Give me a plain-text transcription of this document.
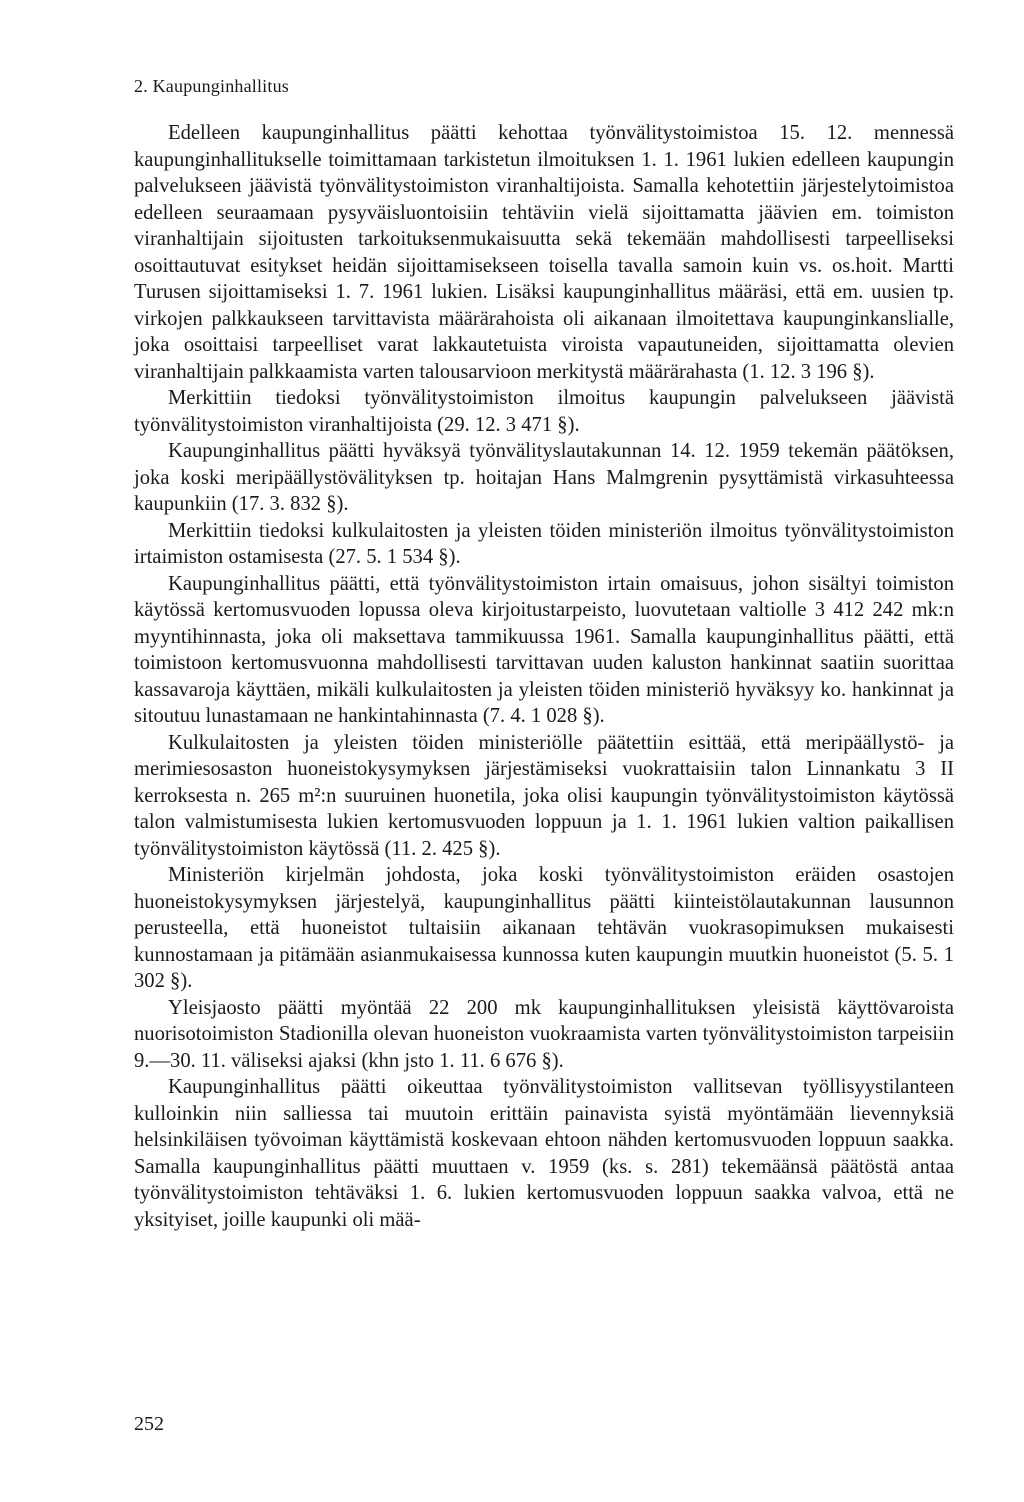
2. Kaupunginhallitus

Edelleen kaupunginhallitus päätti kehottaa työnvälitystoimistoa 15. 12. mennessä kaupunginhallitukselle toimittamaan tarkistetun ilmoituksen 1. 1. 1961 lukien edelleen kaupungin palvelukseen jäävistä työnvälitystoimiston viranhaltijoista. Samalla kehotettiin järjestelytoimistoa edelleen seuraamaan pysyväisluontoisiin tehtäviin vielä sijoittamatta jäävien em. toimiston viranhaltijain sijoitusten tarkoituksenmukaisuutta sekä tekemään mahdollisesti tarpeelliseksi osoittautuvat esitykset heidän sijoittamisekseen toisella tavalla samoin kuin vs. os.hoit. Martti Turusen sijoittamiseksi 1. 7. 1961 lukien. Lisäksi kaupunginhallitus määräsi, että em. uusien tp. virkojen palkkaukseen tarvittavista määrärahoista oli aikanaan ilmoitettava kaupunginkanslialle, joka osoittaisi tarpeelliset varat lakkautetuista viroista vapautuneiden, sijoittamatta olevien viranhaltijain palkkaamista varten talousarvioon merkitystä määrärahasta (1. 12. 3 196 §).

Merkittiin tiedoksi työnvälitystoimiston ilmoitus kaupungin palvelukseen jäävistä työnvälitystoimiston viranhaltijoista (29. 12. 3 471 §).

Kaupunginhallitus päätti hyväksyä työnvälityslautakunnan 14. 12. 1959 tekemän päätöksen, joka koski meripäällystövälityksen tp. hoitajan Hans Malmgrenin pysyttämistä virkasuhteessa kaupunkiin (17. 3. 832 §).

Merkittiin tiedoksi kulkulaitosten ja yleisten töiden ministeriön ilmoitus työnvälitystoimiston irtaimiston ostamisesta (27. 5. 1 534 §).

Kaupunginhallitus päätti, että työnvälitystoimiston irtain omaisuus, johon sisältyi toimiston käytössä kertomusvuoden lopussa oleva kirjoitustarpeisto, luovutetaan valtiolle 3 412 242 mk:n myyntihinnasta, joka oli maksettava tammikuussa 1961. Samalla kaupunginhallitus päätti, että toimistoon kertomusvuonna mahdollisesti tarvittavan uuden kaluston hankinnat saatiin suorittaa kassavaroja käyttäen, mikäli kulkulaitosten ja yleisten töiden ministeriö hyväksyy ko. hankinnat ja sitoutuu lunastamaan ne hankintahinnasta (7. 4. 1 028 §).

Kulkulaitosten ja yleisten töiden ministeriölle päätettiin esittää, että meripäällystö- ja merimiesosaston huoneistokysymyksen järjestämiseksi vuokrattaisiin talon Linnankatu 3 II kerroksesta n. 265 m²:n suuruinen huonetila, joka olisi kaupungin työnvälitystoimiston käytössä talon valmistumisesta lukien kertomusvuoden loppuun ja 1. 1. 1961 lukien valtion paikallisen työnvälitystoimiston käytössä (11. 2. 425 §).

Ministeriön kirjelmän johdosta, joka koski työnvälitystoimiston eräiden osastojen huoneistokysymyksen järjestelyä, kaupunginhallitus päätti kiinteistölautakunnan lausunnon perusteella, että huoneistot tultaisiin aikanaan tehtävän vuokrasopimuksen mukaisesti kunnostamaan ja pitämään asianmukaisessa kunnossa kuten kaupungin muutkin huoneistot (5. 5. 1 302 §).

Yleisjaosto päätti myöntää 22 200 mk kaupunginhallituksen yleisistä käyttövaroista nuorisotoimiston Stadionilla olevan huoneiston vuokraamista varten työnvälitystoimiston tarpeisiin 9.—30. 11. väliseksi ajaksi (khn jsto 1. 11. 6 676 §).

Kaupunginhallitus päätti oikeuttaa työnvälitystoimiston vallitsevan työllisyystilanteen kulloinkin niin salliessa tai muutoin erittäin painavista syistä myöntämään lievennyksiä helsinkiläisen työvoiman käyttämistä koskevaan ehtoon nähden kertomusvuoden loppuun saakka. Samalla kaupunginhallitus päätti muuttaen v. 1959 (ks. s. 281) tekemäänsä päätöstä antaa työnvälitystoimiston tehtäväksi 1. 6. lukien kertomusvuoden loppuun saakka valvoa, että ne yksityiset, joille kaupunki oli mää-

252
